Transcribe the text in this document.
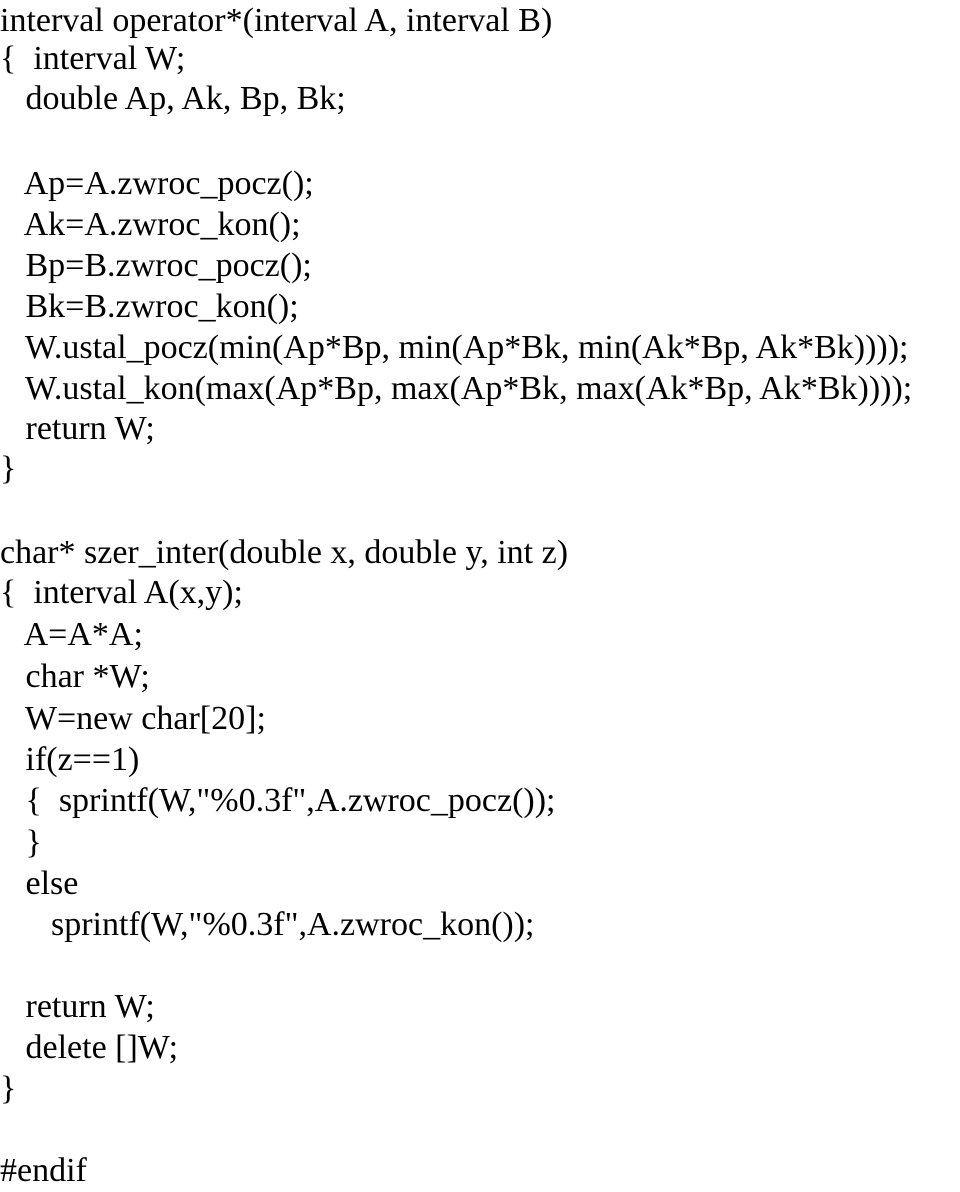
interval operator*(interval A, interval B)
{  interval W;
double Ap, Ak, Bp, Bk;
Ap=A.zwroc_pocz();
Ak=A.zwroc_kon();
Bp=B.zwroc_pocz();
Bk=B.zwroc_kon();
W.ustal_pocz(min(Ap*Bp, min(Ap*Bk, min(Ak*Bp, Ak*Bk))));
W.ustal_kon(max(Ap*Bp, max(Ap*Bk, max(Ak*Bp, Ak*Bk))));
return W;
}
char* szer_inter(double x, double y, int z)
{  interval A(x,y);
A=A*A;
char *W;
W=new char[20];
if(z==1)
{  sprintf(W,"%0.3f",A.zwroc_pocz());
}
else
sprintf(W,"%0.3f",A.zwroc_kon());
return W;
delete []W;
}
#endif
